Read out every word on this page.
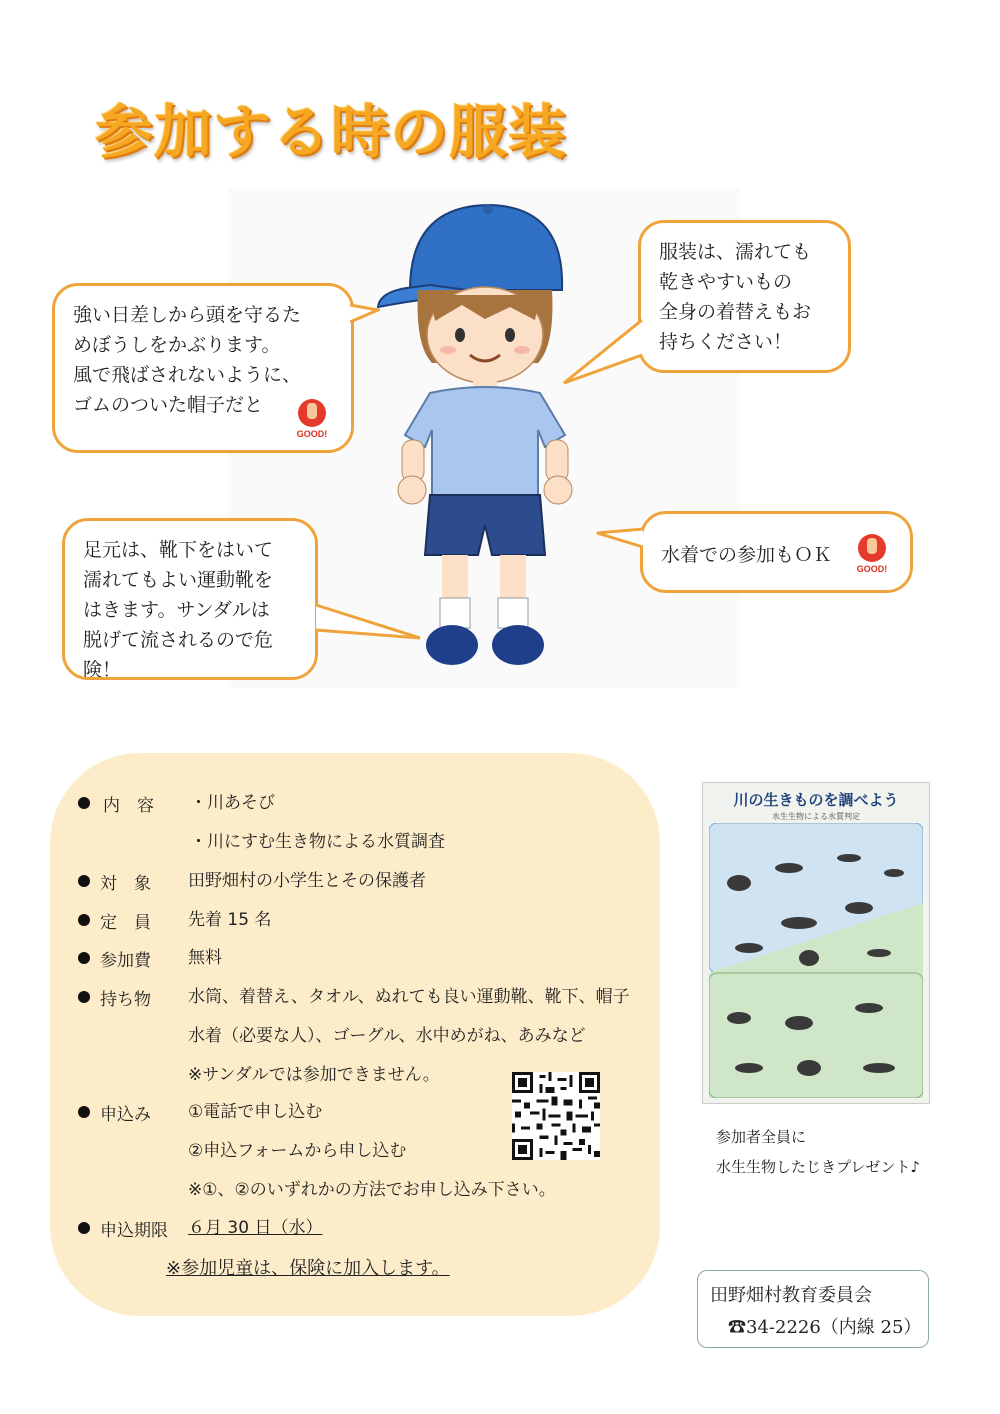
参加する時の服装

強い日差しから頭を守るた

めぼうしをかぶります。

風で飛ばされないように、

ゴムのついた帽子だと

GOOD!

服装は、濡れても

乾きやすいもの

全身の着替えもお

持ちください！

足元は、靴下をはいて

濡れてもよい運動靴を

はきます。サンダルは

脱げて流されるので危

険！

水着での参加もＯＫ

GOOD!
内　容 ・川あそび
・川にすむ生き物による水質調査
対　象 田野畑村の小学生とその保護者
定　員 先着 15 名
参加費 無料
持ち物 水筒、着替え、タオル、ぬれても良い運動靴、靴下、帽子
水着（必要な人）、ゴーグル、水中めがね、あみなど
※サンダルでは参加できません。
申込み ①電話で申し込む
②申込フォームから申し込む
※①、②のいずれかの方法でお申し込み下さい。
申込期限 ６月 30 日（水）
※参加児童は、保険に加入します。
川の生きものを調べよう
水生生物による水質判定
参加者全員に
水生生物したじきプレゼント♪
田野畑村教育委員会
☎34-2226（内線 25）
